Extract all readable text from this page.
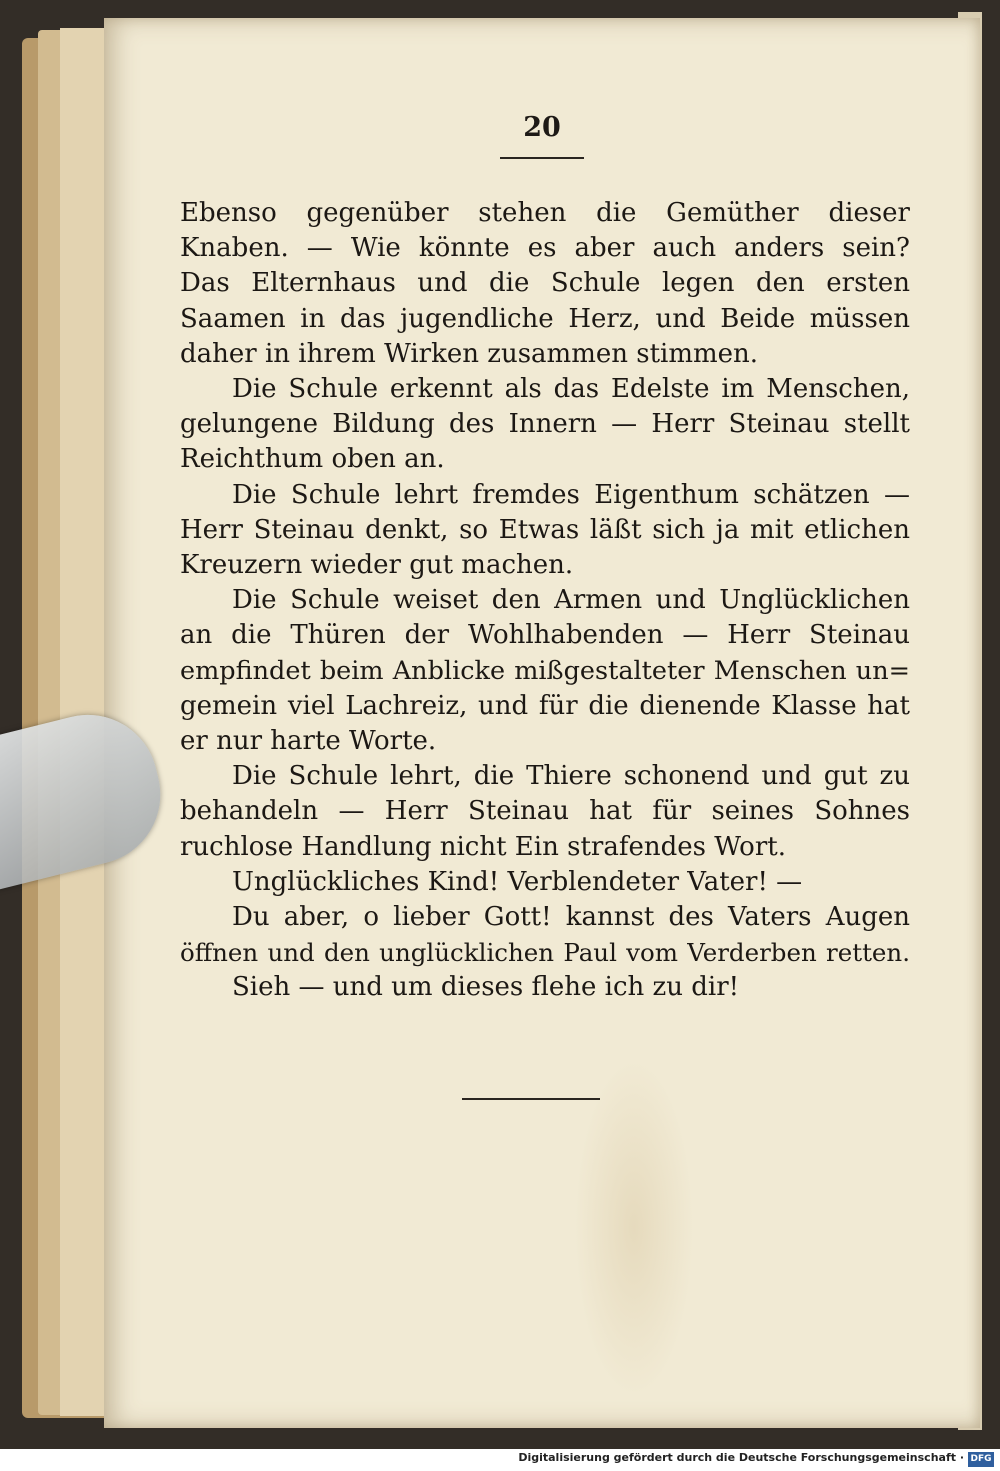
20
Ebenso gegenüber stehen die Gemüther dieser
Knaben. — Wie könnte es aber auch anders sein?
Das Elternhaus und die Schule legen den ersten
Saamen in das jugendliche Herz, und Beide müssen
daher in ihrem Wirken zusammen stimmen.
Die Schule erkennt als das Edelste im Menschen,
gelungene Bildung des Innern — Herr Steinau stellt
Reichthum oben an.
Die Schule lehrt fremdes Eigenthum schätzen —
Herr Steinau denkt, so Etwas läßt sich ja mit etlichen
Kreuzern wieder gut machen.
Die Schule weiset den Armen und Unglücklichen
an die Thüren der Wohlhabenden — Herr Steinau
empfindet beim Anblicke mißgestalteter Menschen un=
gemein viel Lachreiz, und für die dienende Klasse hat
er nur harte Worte.
Die Schule lehrt, die Thiere schonend und gut zu
behandeln — Herr Steinau hat für seines Sohnes
ruchlose Handlung nicht Ein strafendes Wort.
Unglückliches Kind! Verblendeter Vater! —
Du aber, o lieber Gott! kannst des Vaters Augen
öffnen und den unglücklichen Paul vom Verderben retten.
Sieh — und um dieses flehe ich zu dir!
Digitalisierung gefördert durch die Deutsche Forschungsgemeinschaft · DFG
